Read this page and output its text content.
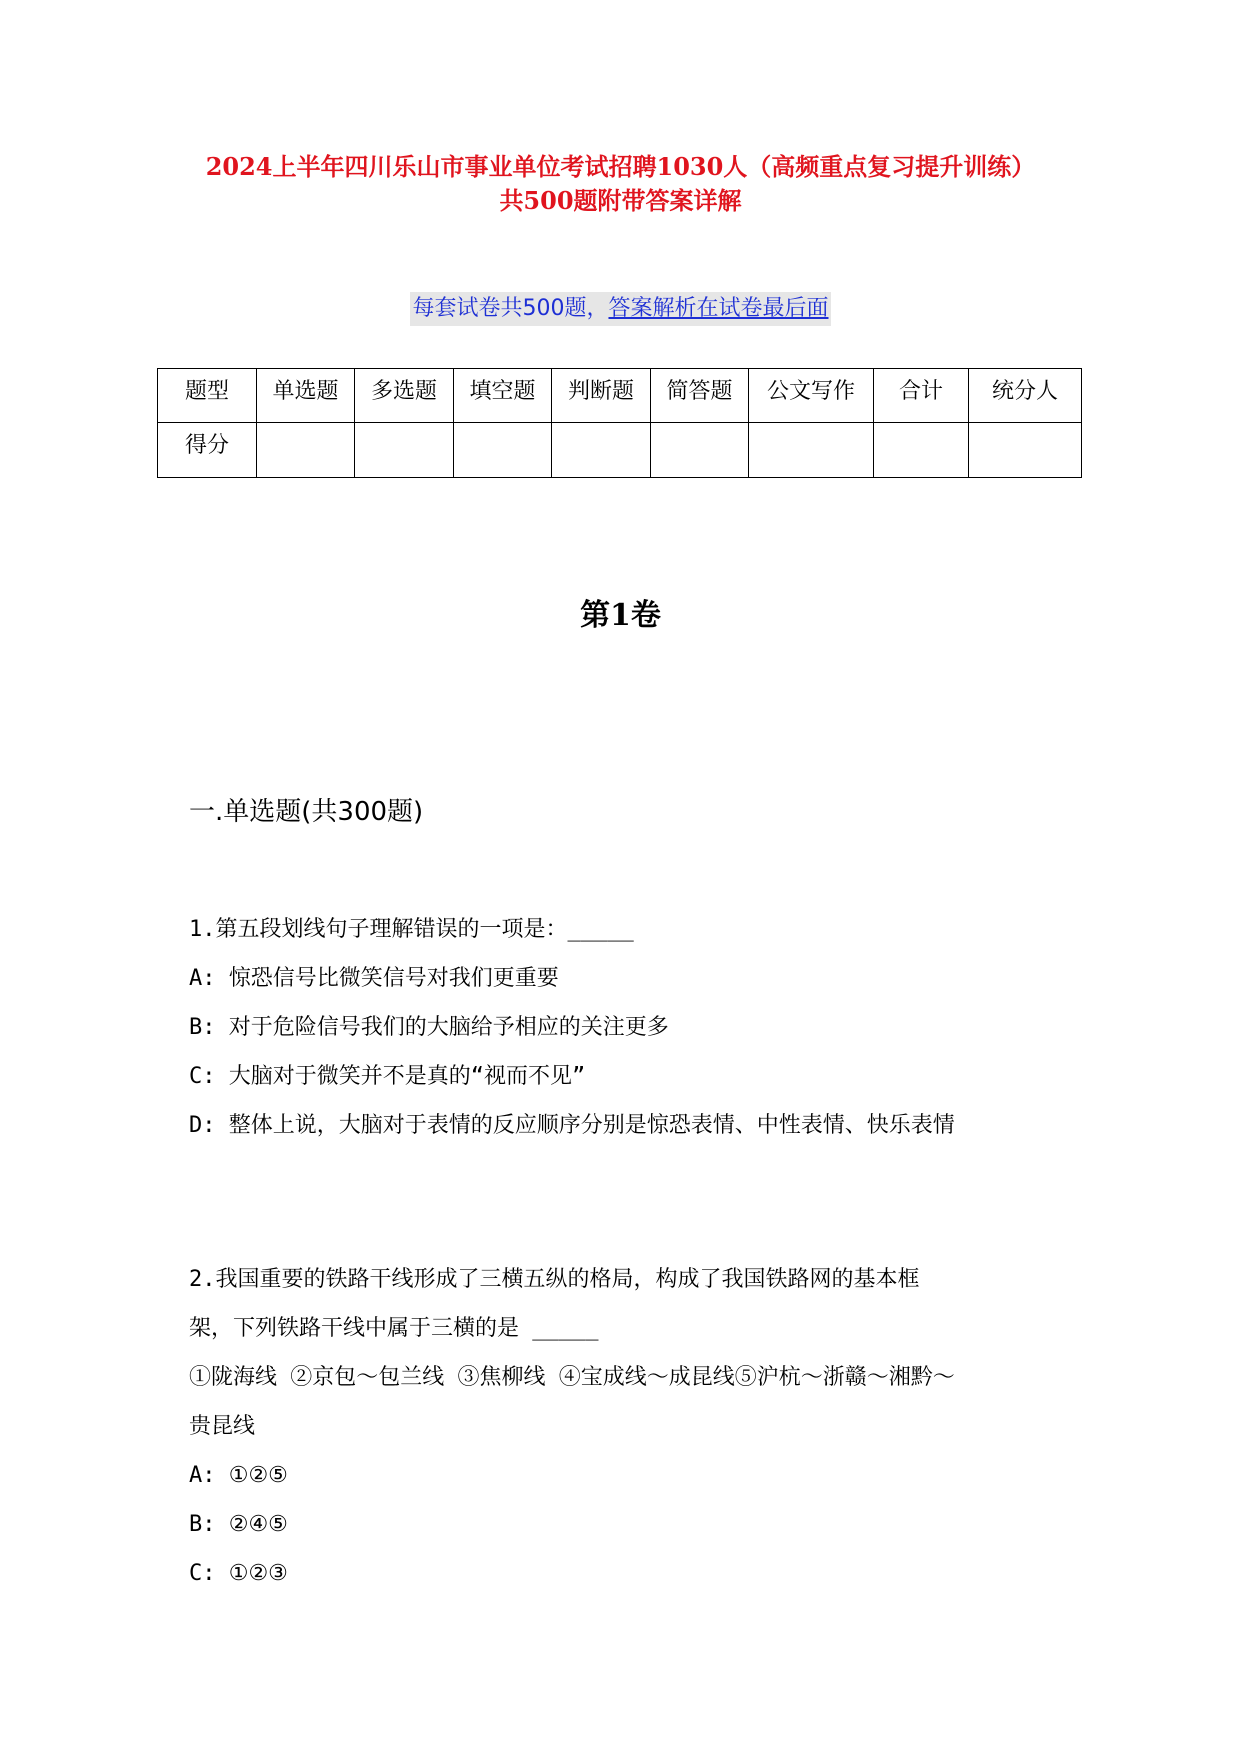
2024上半年四川乐山市事业单位考试招聘1030人（高频重点复习提升训练）
共500题附带答案详解
每套试卷共500题，答案解析在试卷最后面
题型	单选题	多选题	填空题	判断题	简答题	公文写作	合计	统分人
得分								
第1卷
一.单选题(共300题)
1.第五段划线句子理解错误的一项是：_____
A: 惊恐信号比微笑信号对我们更重要
B: 对于危险信号我们的大脑给予相应的关注更多
C: 大脑对于微笑并不是真的“视而不见”
D: 整体上说，大脑对于表情的反应顺序分别是惊恐表情、中性表情、快乐表情
2.我国重要的铁路干线形成了三横五纵的格局，构成了我国铁路网的基本框
架，下列铁路干线中属于三横的是 _____
①陇海线 ②京包～包兰线 ③焦柳线 ④宝成线～成昆线⑤沪杭～浙赣～湘黔～
贵昆线
A: ①②⑤
B: ②④⑤
C: ①②③
